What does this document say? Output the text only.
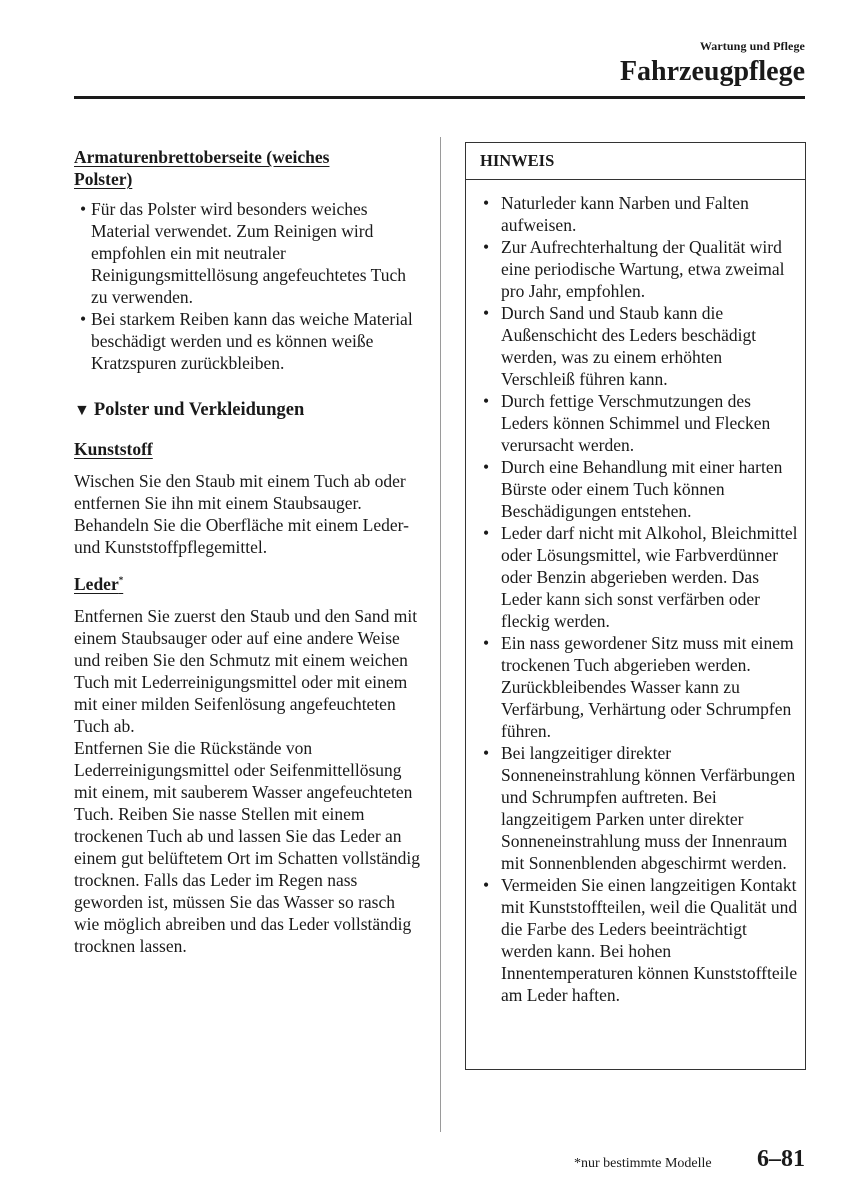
Wartung und Pflege
Fahrzeugpflege
Armaturenbrettoberseite (weiches
Polster)
• Für das Polster wird besonders weiches Material verwendet. Zum Reinigen wird empfohlen ein mit neutraler Reinigungsmittellösung angefeuchtetes Tuch zu verwenden.
• Bei starkem Reiben kann das weiche Material beschädigt werden und es können weiße Kratzspuren zurückbleiben.
▼ Polster und Verkleidungen
Kunststoff
Wischen Sie den Staub mit einem Tuch ab oder entfernen Sie ihn mit einem Staubsauger.
Behandeln Sie die Oberfläche mit einem Leder- und Kunststoffpflegemittel.
Leder*
Entfernen Sie zuerst den Staub und den Sand mit einem Staubsauger oder auf eine andere Weise und reiben Sie den Schmutz mit einem weichen Tuch mit Lederreinigungsmittel oder mit einem mit einer milden Seifenlösung angefeuchteten Tuch ab.
Entfernen Sie die Rückstände von Lederreinigungsmittel oder Seifenmittellösung mit einem, mit sauberem Wasser angefeuchteten Tuch. Reiben Sie nasse Stellen mit einem trockenen Tuch ab und lassen Sie das Leder an einem gut belüftetem Ort im Schatten vollständig trocknen. Falls das Leder im Regen nass geworden ist, müssen Sie das Wasser so rasch wie möglich abreiben und das Leder vollständig trocknen lassen.
HINWEIS
• Naturleder kann Narben und Falten aufweisen.
• Zur Aufrechterhaltung der Qualität wird eine periodische Wartung, etwa zweimal pro Jahr, empfohlen.
• Durch Sand und Staub kann die Außenschicht des Leders beschädigt werden, was zu einem erhöhten Verschleiß führen kann.
• Durch fettige Verschmutzungen des Leders können Schimmel und Flecken verursacht werden.
• Durch eine Behandlung mit einer harten Bürste oder einem Tuch können Beschädigungen entstehen.
• Leder darf nicht mit Alkohol, Bleichmittel oder Lösungsmittel, wie Farbverdünner oder Benzin abgerieben werden. Das Leder kann sich sonst verfärben oder fleckig werden.
• Ein nass gewordener Sitz muss mit einem trockenen Tuch abgerieben werden. Zurückbleibendes Wasser kann zu Verfärbung, Verhärtung oder Schrumpfen führen.
• Bei langzeitiger direkter Sonneneinstrahlung können Verfärbungen und Schrumpfen auftreten. Bei langzeitigem Parken unter direkter Sonneneinstrahlung muss der Innenraum mit Sonnenblenden abgeschirmt werden.
• Vermeiden Sie einen langzeitigen Kontakt mit Kunststoffteilen, weil die Qualität und die Farbe des Leders beeinträchtigt werden kann. Bei hohen Innentemperaturen können Kunststoffteile am Leder haften.
*nur bestimmte Modelle 6–81
